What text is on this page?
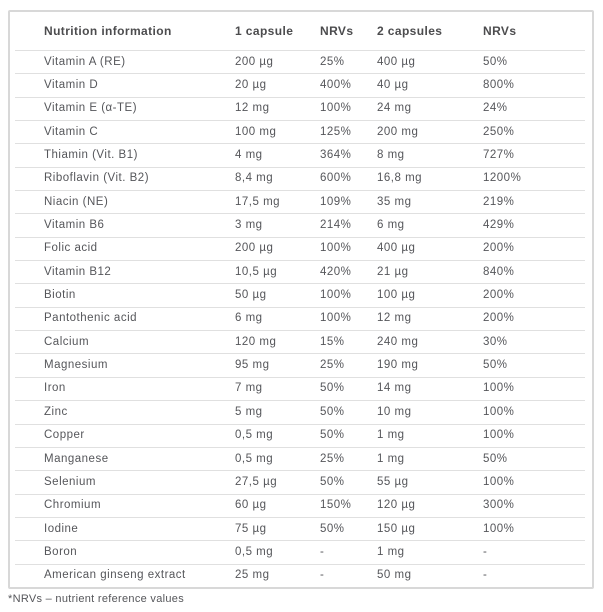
Nutrition information	1 capsule	NRVs	2 capsules	NRVs
Vitamin A (RE)	200 µg	25%	400 µg	50%
Vitamin D	20 µg	400%	40 µg	800%
Vitamin E (α-TE)	12 mg	100%	24 mg	24%
Vitamin C	100 mg	125%	200 mg	250%
Thiamin (Vit. B1)	4 mg	364%	8 mg	727%
Riboflavin (Vit. B2)	8,4 mg	600%	16,8 mg	1200%
Niacin (NE)	17,5 mg	109%	35 mg	219%
Vitamin B6	3 mg	214%	6 mg	429%
Folic acid	200 µg	100%	400 µg	200%
Vitamin B12	10,5 µg	420%	21 µg	840%
Biotin	50 µg	100%	100 µg	200%
Pantothenic acid	6 mg	100%	12 mg	200%
Calcium	120 mg	15%	240 mg	30%
Magnesium	95 mg	25%	190 mg	50%
Iron	7 mg	50%	14 mg	100%
Zinc	5 mg	50%	10 mg	100%
Copper	0,5 mg	50%	1 mg	100%
Manganese	0,5 mg	25%	1 mg	50%
Selenium	27,5 µg	50%	55 µg	100%
Chromium	60 µg	150%	120 µg	300%
Iodine	75 µg	50%	150 µg	100%
Boron	0,5 mg	-	1 mg	-
American ginseng extract	25 mg	-	50 mg	-
*NRVs – nutrient reference values
